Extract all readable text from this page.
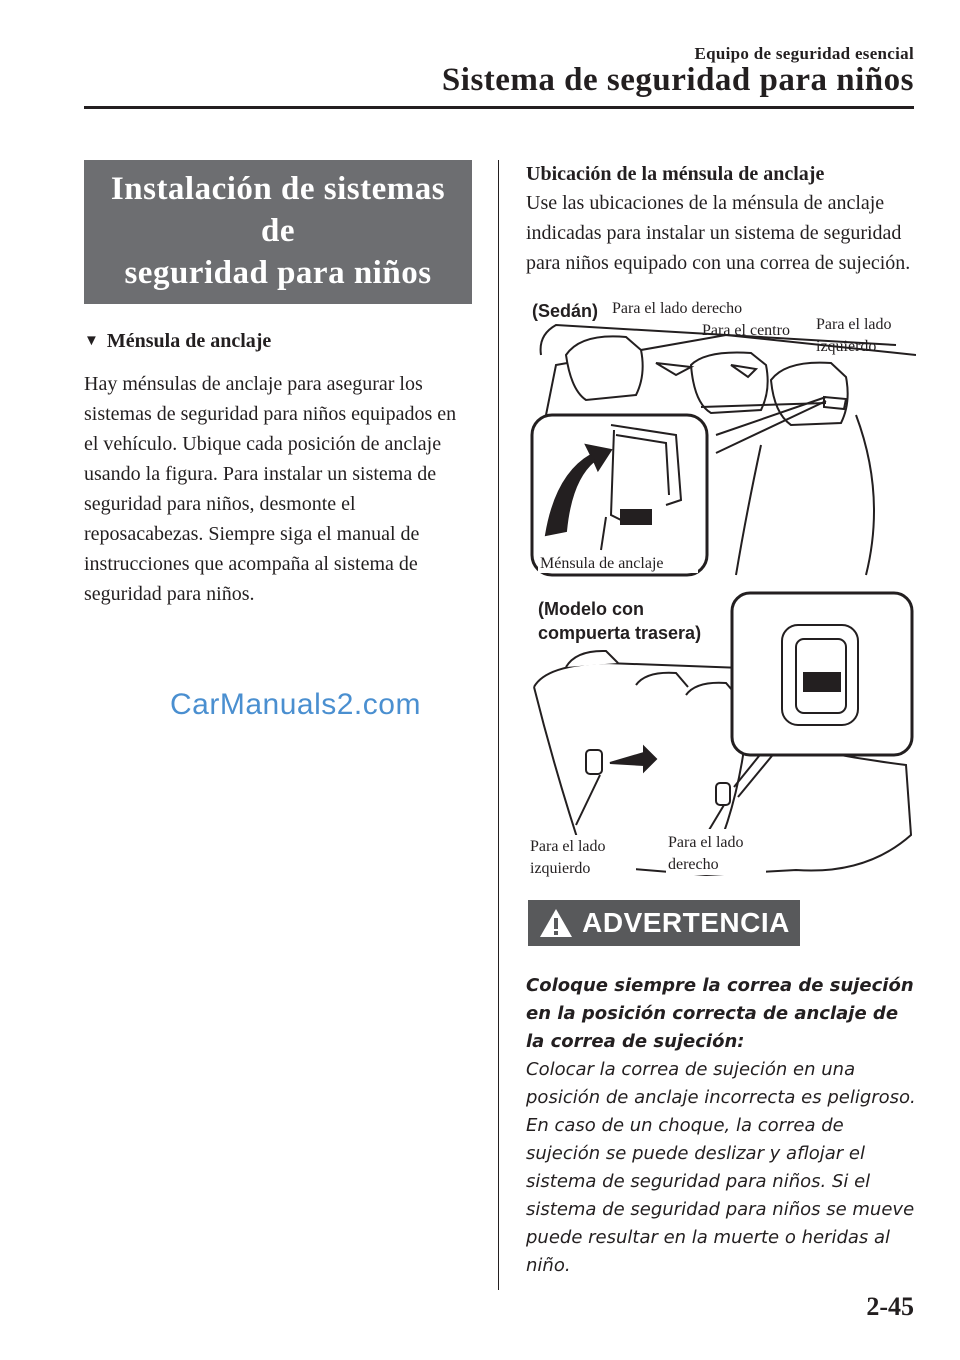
Equipo de seguridad esencial
Sistema de seguridad para niños
Instalación de sistemas de
seguridad para niños
▼ Ménsula de anclaje
Hay ménsulas de anclaje para asegurar los sistemas de seguridad para niños equipados en el vehículo. Ubique cada posición de anclaje usando la figura. Para instalar un sistema de seguridad para niños, desmonte el reposacabezas. Siempre siga el manual de instrucciones que acompaña al sistema de seguridad para niños.
CarManuals2.com
Ubicación de la ménsula de anclaje
Use las ubicaciones de la ménsula de anclaje indicadas para instalar un sistema de seguridad para niños equipado con una correa de sujeción.
(Sedán) Para el lado derecho
Para el centro Para el lado
izquierdo
Ménsula de anclaje
(Modelo con
compuerta trasera)
Para el lado
izquierdo
Para el lado
derecho
ADVERTENCIA
Coloque siempre la correa de sujeción en la posición correcta de anclaje de la correa de sujeción:
Colocar la correa de sujeción en una posición de anclaje incorrecta es peligroso. En caso de un choque, la correa de sujeción se puede deslizar y aflojar el sistema de seguridad para niños. Si el sistema de seguridad para niños se mueve puede resultar en la muerte o heridas al niño.
2-45
